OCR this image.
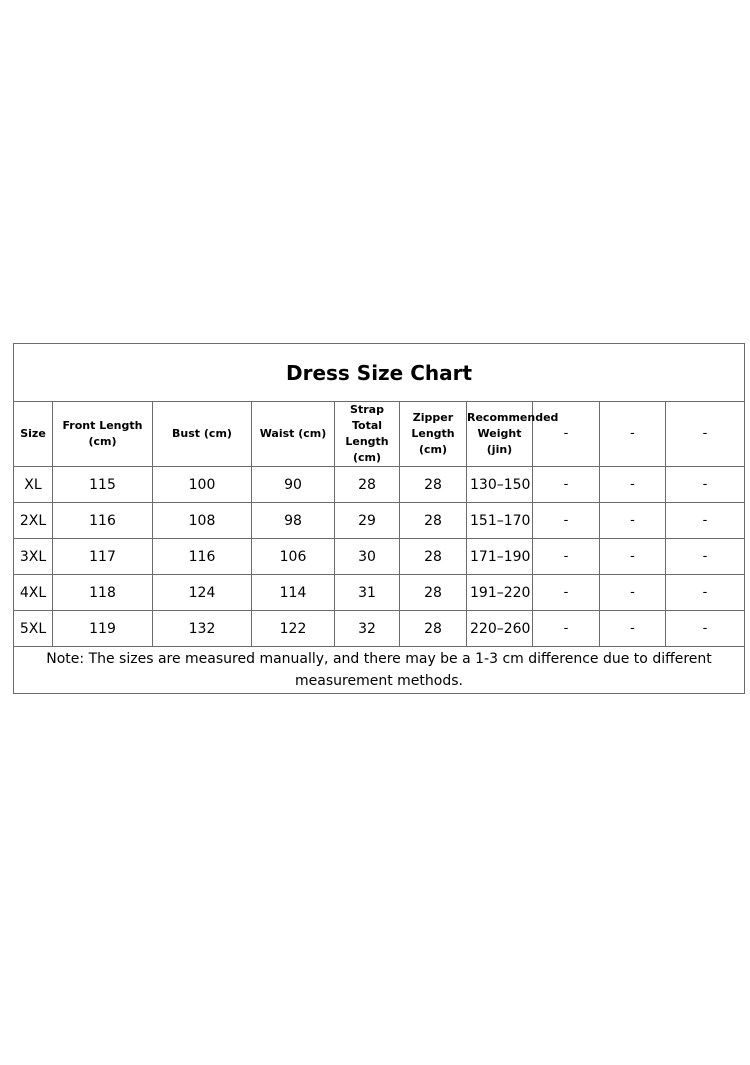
Dress Size Chart									
Size	Front Length (cm)	Bust (cm)	Waist (cm)	Strap Total Length (cm)	Zipper Length (cm)	Recommended Weight (jin)	-	-	-
XL	115	100	90	28	28	130–150	-	-	-
2XL	116	108	98	29	28	151–170	-	-	-
3XL	117	116	106	30	28	171–190	-	-	-
4XL	118	124	114	31	28	191–220	-	-	-
5XL	119	132	122	32	28	220–260	-	-	-
Note: The sizes are measured manually, and there may be a 1-3 cm difference due to different measurement methods.									
